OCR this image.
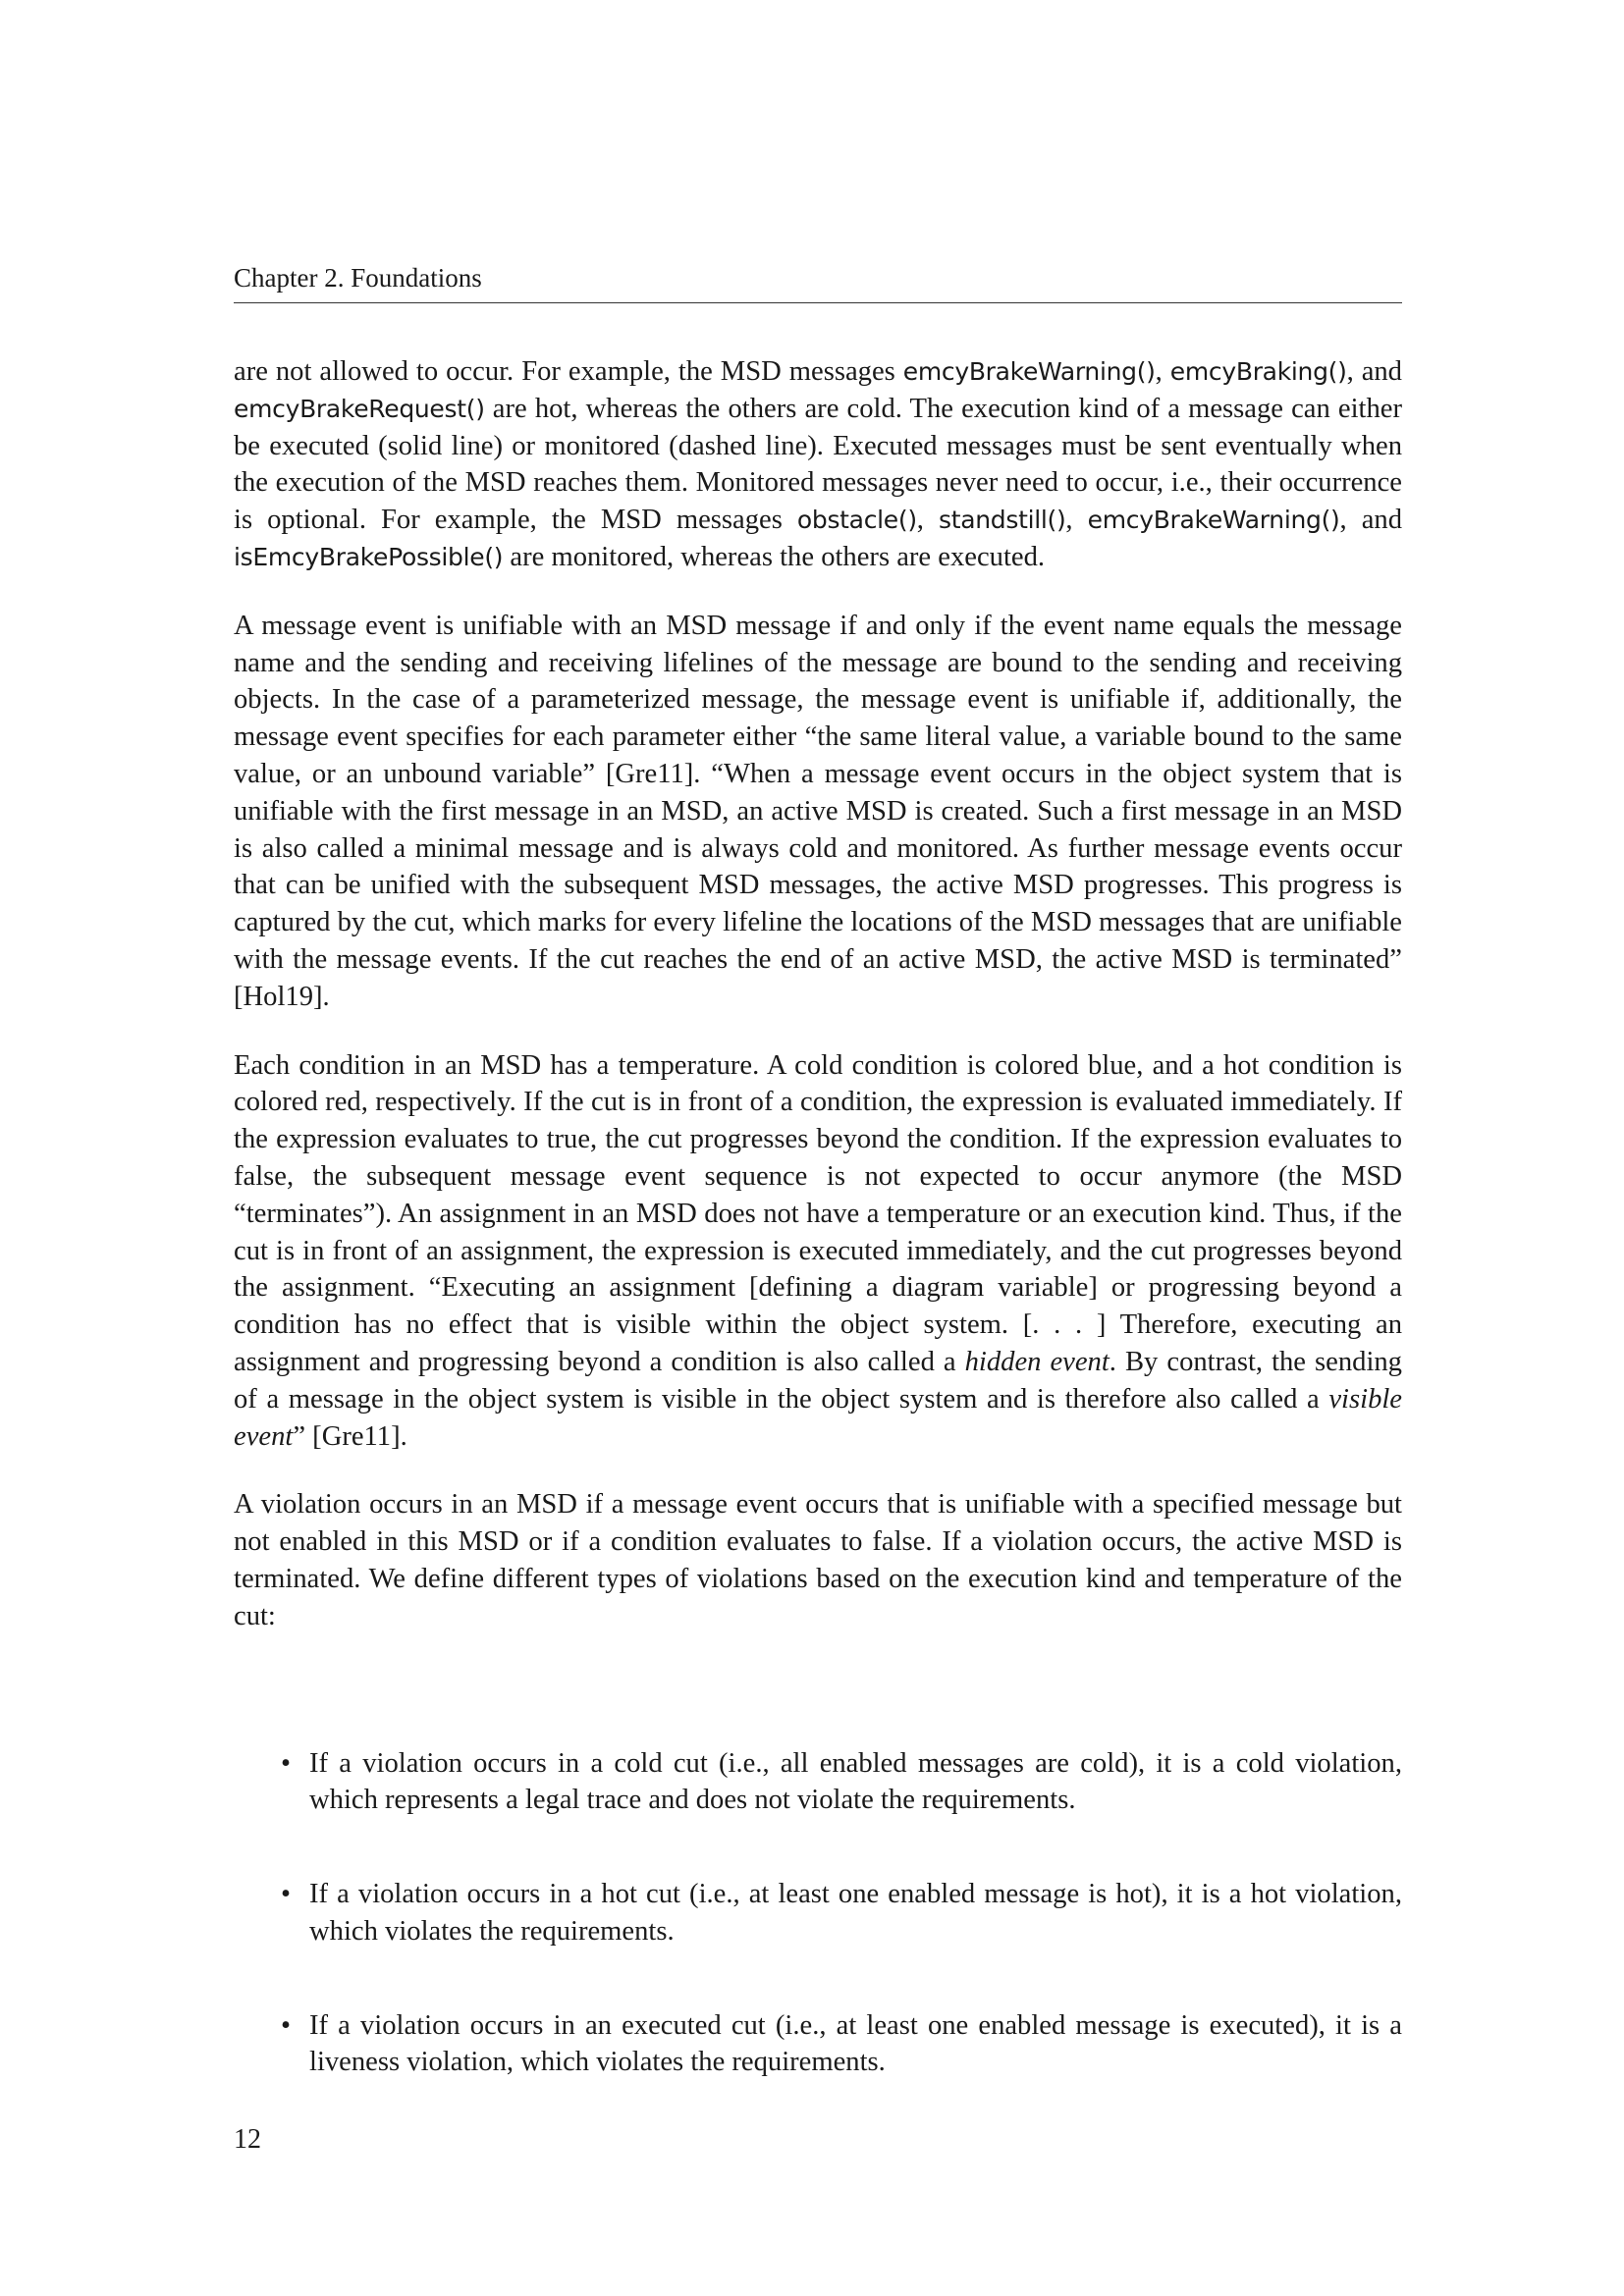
Chapter 2. Foundations

are not allowed to occur. For example, the MSD messages emcyBrakeWarning(), emcyBraking(), and emcyBrakeRequest() are hot, whereas the others are cold. The execution kind of a message can either be executed (solid line) or monitored (dashed line). Executed messages must be sent eventually when the execution of the MSD reaches them. Monitored messages never need to occur, i.e., their occurrence is optional. For example, the MSD messages obstacle(), standstill(), emcyBrakeWarning(), and isEmcyBrakePossible() are monitored, whereas the others are executed.

A message event is unifiable with an MSD message if and only if the event name equals the message name and the sending and receiving lifelines of the message are bound to the sending and receiving objects. In the case of a parameterized message, the message event is unifiable if, additionally, the message event specifies for each parameter either “the same literal value, a variable bound to the same value, or an unbound variable” [Gre11]. “When a message event occurs in the object system that is unifiable with the first message in an MSD, an active MSD is created. Such a first message in an MSD is also called a minimal message and is always cold and monitored. As further message events occur that can be unified with the subsequent MSD messages, the active MSD progresses. This progress is captured by the cut, which marks for every lifeline the locations of the MSD messages that are unifiable with the message events. If the cut reaches the end of an active MSD, the active MSD is terminated” [Hol19].

Each condition in an MSD has a temperature. A cold condition is colored blue, and a hot condition is colored red, respectively. If the cut is in front of a condition, the expression is evaluated immediately. If the expression evaluates to true, the cut progresses beyond the condition. If the expression evaluates to false, the subsequent message event sequence is not expected to occur anymore (the MSD “terminates”). An assignment in an MSD does not have a temperature or an execution kind. Thus, if the cut is in front of an assignment, the expression is executed immediately, and the cut progresses beyond the assignment. “Executing an assignment [defining a diagram variable] or progressing beyond a condition has no effect that is visible within the object system. [. . . ] Therefore, executing an assignment and progressing beyond a condition is also called a hidden event. By contrast, the sending of a message in the object system is visible in the object system and is therefore also called a visible event” [Gre11].

A violation occurs in an MSD if a message event occurs that is unifiable with a specified message but not enabled in this MSD or if a condition evaluates to false. If a violation occurs, the active MSD is terminated. We define different types of violations based on the execution kind and temperature of the cut:

• If a violation occurs in a cold cut (i.e., all enabled messages are cold), it is a cold violation, which represents a legal trace and does not violate the requirements.
• If a violation occurs in a hot cut (i.e., at least one enabled message is hot), it is a hot violation, which violates the requirements.
• If a violation occurs in an executed cut (i.e., at least one enabled message is executed), it is a liveness violation, which violates the requirements.
12
